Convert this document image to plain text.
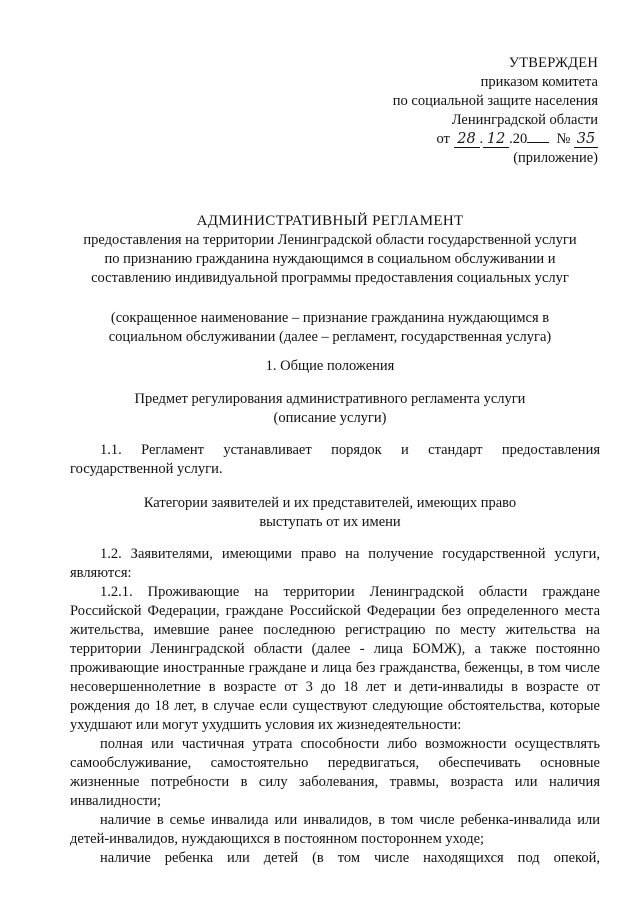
УТВЕРЖДЕН
приказом комитета
по социальной защите населения
Ленинградской области
от 28 . 12 .20 № 35
(приложение)
АДМИНИСТРАТИВНЫЙ РЕГЛАМЕНТ
предоставления на территории Ленинградской области государственной услуги
по признанию гражданина нуждающимся в социальном обслуживании и
составлению индивидуальной программы предоставления социальных услуг
(сокращенное наименование – признание гражданина нуждающимся в
социальном обслуживании (далее – регламент, государственная услуга)
1. Общие положения
Предмет регулирования административного регламента услуги
(описание услуги)

1.1. Регламент устанавливает порядок и стандарт предоставления государственной услуги.

Категории заявителей и их представителей, имеющих право
выступать от их имени

1.2. Заявителями, имеющими право на получение государственной услуги, являются:

1.2.1. Проживающие на территории Ленинградской области граждане Российской Федерации, граждане Российской Федерации без определенного места жительства, имевшие ранее последнюю регистрацию по месту жительства на территории Ленинградской области (далее - лица БОМЖ), а также постоянно проживающие иностранные граждане и лица без гражданства, беженцы, в том числе несовершеннолетние в возрасте от 3 до 18 лет и дети-инвалиды в возрасте от рождения до 18 лет, в случае если существуют следующие обстоятельства, которые ухудшают или могут ухудшить условия их жизнедеятельности:

полная или частичная утрата способности либо возможности осуществлять самообслуживание, самостоятельно передвигаться, обеспечивать основные жизненные потребности в силу заболевания, травмы, возраста или наличия инвалидности;

наличие в семье инвалида или инвалидов, в том числе ребенка-инвалида или детей-инвалидов, нуждающихся в постоянном постороннем уходе;

наличие ребенка или детей (в том числе находящихся под опекой,
